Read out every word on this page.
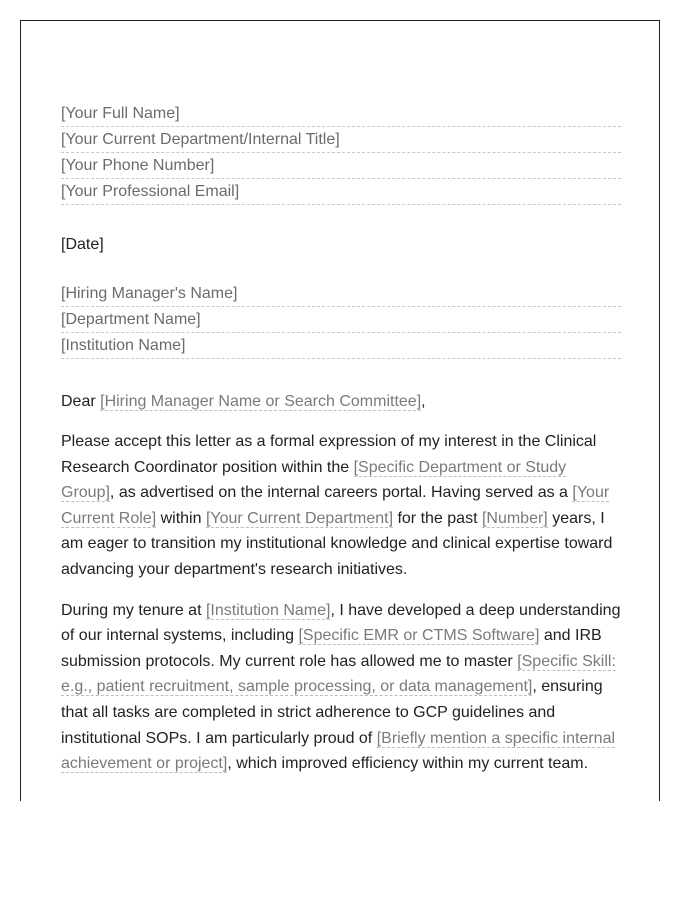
[Your Full Name]
[Your Current Department/Internal Title]
[Your Phone Number]
[Your Professional Email]
[Date]
[Hiring Manager's Name]
[Department Name]
[Institution Name]
Dear [Hiring Manager Name or Search Committee],

Please accept this letter as a formal expression of my interest in the Clinical Research Coordinator position within the [Specific Department or Study Group], as advertised on the internal careers portal. Having served as a [Your Current Role] within [Your Current Department] for the past [Number] years, I am eager to transition my institutional knowledge and clinical expertise toward advancing your department's research initiatives.

During my tenure at [Institution Name], I have developed a deep understanding of our internal systems, including [Specific EMR or CTMS Software] and IRB submission protocols. My current role has allowed me to master [Specific Skill: e.g., patient recruitment, sample processing, or data management], ensuring that all tasks are completed in strict adherence to GCP guidelines and institutional SOPs. I am particularly proud of [Briefly mention a specific internal achievement or project], which improved efficiency within my current team.
